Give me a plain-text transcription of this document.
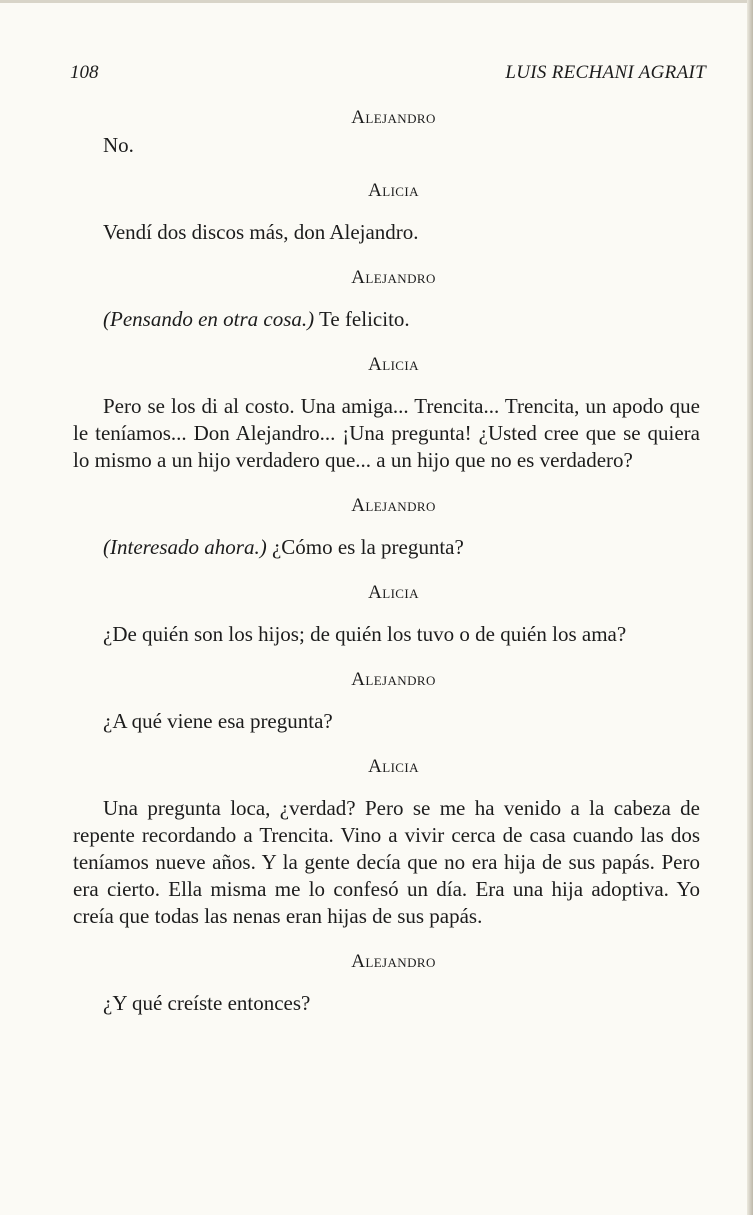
108	LUIS RECHANI AGRAIT

Alejandro

No.

Alicia

Vendí dos discos más, don Alejandro.

Alejandro

(Pensando en otra cosa.) Te felicito.

Alicia

Pero se los di al costo. Una amiga... Trencita... Trencita, un apodo que le teníamos... Don Alejandro... ¡Una pregunta! ¿Usted cree que se quiera lo mismo a un hijo verdadero que... a un hijo que no es verdadero?

Alejandro

(Interesado ahora.) ¿Cómo es la pregunta?

Alicia

¿De quién son los hijos; de quién los tuvo o de quién los ama?

Alejandro

¿A qué viene esa pregunta?

Alicia

Una pregunta loca, ¿verdad? Pero se me ha venido a la cabeza de repente recordando a Trencita. Vino a vivir cerca de casa cuando las dos teníamos nueve años. Y la gente decía que no era hija de sus papás. Pero era cierto. Ella misma me lo confesó un día. Era una hija adoptiva. Yo creía que todas las nenas eran hijas de sus papás.

Alejandro

¿Y qué creíste entonces?
